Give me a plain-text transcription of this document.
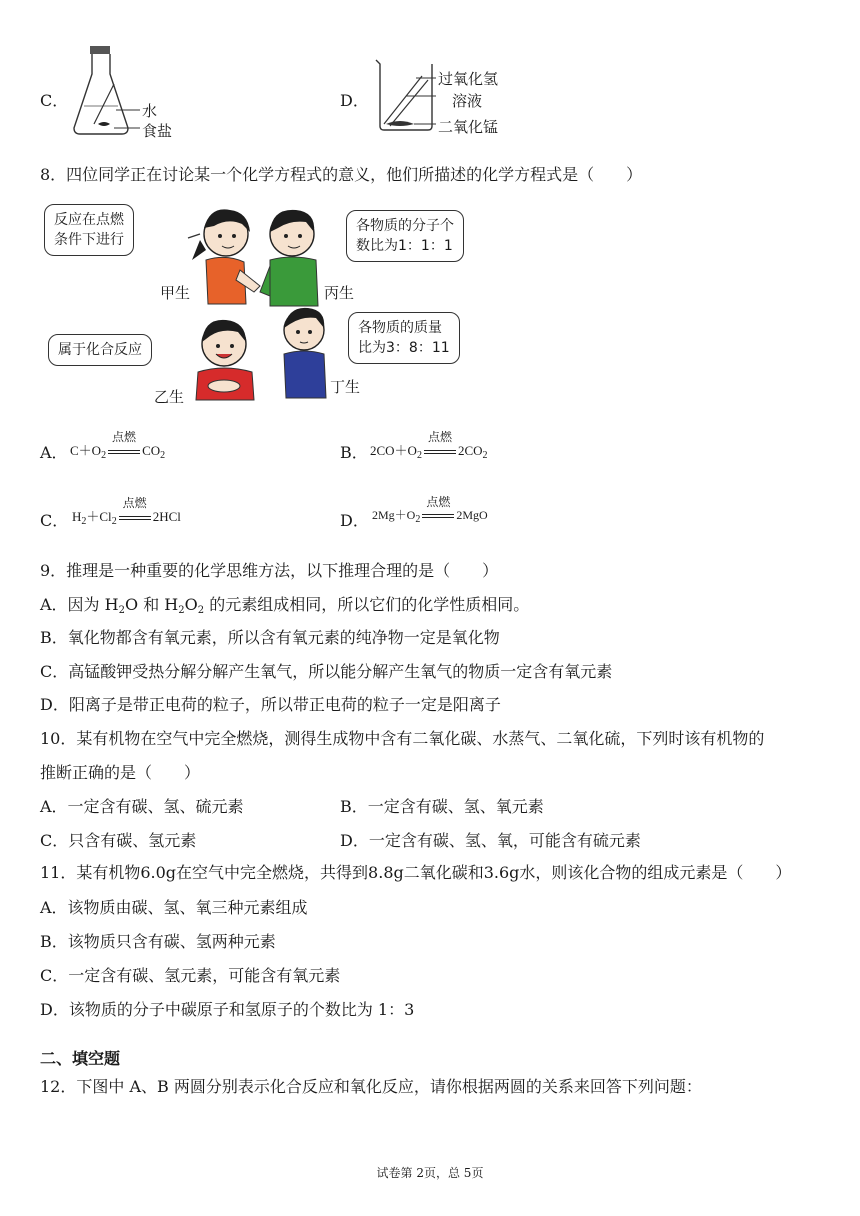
C．
水
食盐
D．
过氧化氢
溶液
二氧化锰
8．四位同学正在讨论某一个化学方程式的意义，他们所描述的化学方程式是（　　）
反应在点燃
条件下进行
甲生	丙生
各物质的分子个
数比为1：1：1
属于化合反应
乙生
丁生
各物质的质量
比为3：8：11
A． $C+O_2$
点燃
$CO_2$	B． $2CO+O_2$
点燃
$2CO_2$
C． $H_2+Cl_2$
点燃
2HCl	D． $2Mg+O_2$
点燃
2MgO
9．推理是一种重要的化学思维方法，以下推理合理的是（　　）
A．因为 $H_2O$ 和 $H_2O_2$ 的元素组成相同，所以它们的化学性质相同。
B．氧化物都含有氧元素，所以含有氧元素的纯净物一定是氧化物
C．高锰酸钾受热分解分解产生氧气，所以能分解产生氧气的物质一定含有氧元素
D．阳离子是带正电荷的粒子，所以带正电荷的粒子一定是阳离子
10．某有机物在空气中完全燃烧，测得生成物中含有二氧化碳、水蒸气、二氧化硫，下列时该有机物的
推断正确的是（　　）
A．一定含有碳、氢、硫元素	B．一定含有碳、氢、氧元素
C．只含有碳、氢元素	D．一定含有碳、氢、氧，可能含有硫元素
11．某有机物6.0g在空气中完全燃烧，共得到8.8g二氧化碳和3.6g水，则该化合物的组成元素是（　　）
A．该物质由碳、氢、氧三种元素组成
B．该物质只含有碳、氢两种元素
C．一定含有碳、氢元素，可能含有氧元素
D．该物质的分子中碳原子和氢原子的个数比为 1：3
二、填空题
12．下图中 A、B 两圆分别表示化合反应和氧化反应，请你根据两圆的关系来回答下列问题：
试卷第 2页，总 5页
